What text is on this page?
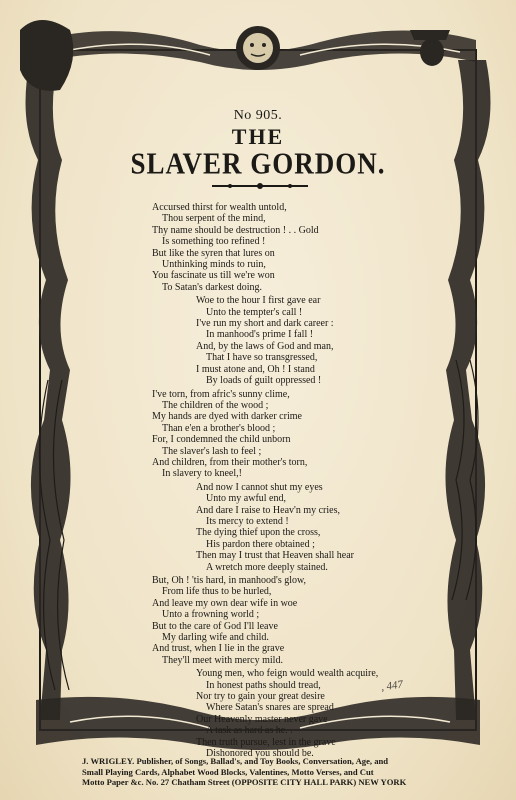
No 905.
THE
SLAVER GORDON.
Accursed thirst for wealth untold,
Thou serpent of the mind,
Thy name should be destruction ! . . Gold
Is something too refined !
But like the syren that lures on
Unthinking minds to ruin,
You fascinate us till we're won
To Satan's darkest doing.
Woe to the hour I first gave ear
Unto the tempter's call !
I've run my short and dark career :
In manhood's prime I fall !
And, by the laws of God and man,
That I have so transgressed,
I must atone and, Oh ! I stand
By loads of guilt oppressed !
I've torn, from afric's sunny clime,
The children of the wood ;
My hands are dyed with darker crime
Than e'en a brother's blood ;
For, I condemned the child unborn
The slaver's lash to feel ;
And children, from their mother's torn,
In slavery to kneel,!
And now I cannot shut my eyes
Unto my awful end,
And dare I raise to Heav'n my cries,
Its mercy to extend !
The dying thief upon the cross,
His pardon there obtained ;
Then may I trust that Heaven shall hear
A wretch more deeply stained.
But, Oh ! 'tis hard, in manhood's glow,
From life thus to be hurled,
And leave my own dear wife in woe
Unto a frowning world ;
But to the care of God I'll leave
My darling wife and child.
And trust, when I lie in the grave
They'll meet with mercy mild.
Young men, who feign would wealth acquire,
In honest paths should tread,
Nor try to gain your great desire
Where Satan's snares are spread
Our Heavenly master never gave
A task as hard as he. .
Then truth pursue, lest in the grave
Dishonored you should be.
, 447
J. WRIGLEY. Publisher, of Songs, Ballad's, and Toy Books, Conversation, Age, and
Small Playing Cards, Alphabet Wood Blocks, Valentines, Motto Verses, and Cut
Motto Paper &c. No. 27 Chatham Street (OPPOSITE CITY HALL PARK) NEW YORK
